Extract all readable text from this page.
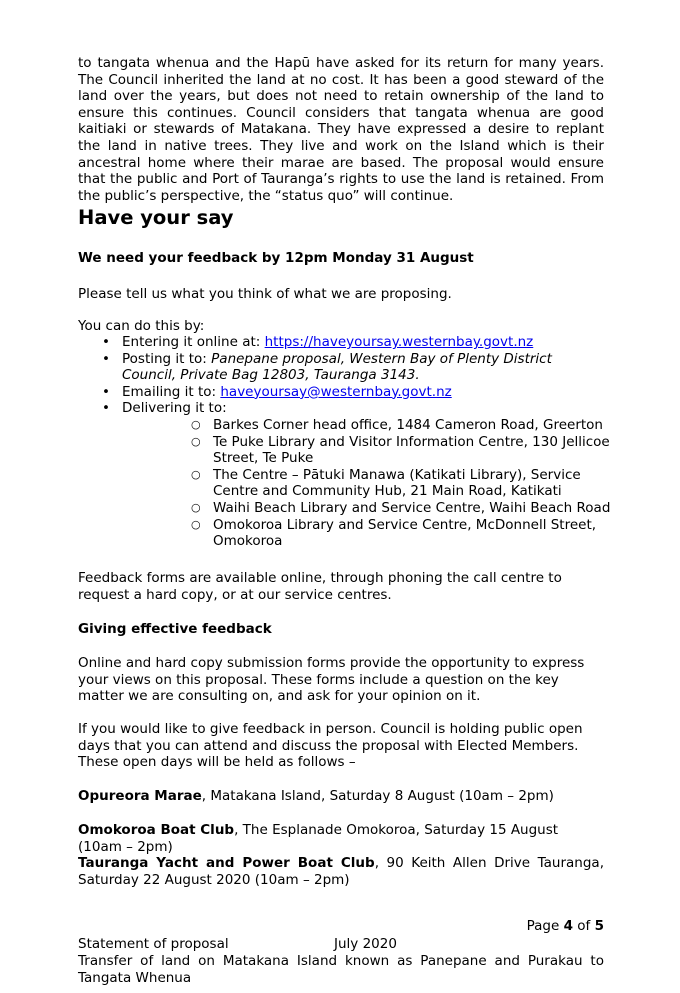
to tangata whenua and the Hapū have asked for its return for many years. The Council inherited the land at no cost. It has been a good steward of the land over the years, but does not need to retain ownership of the land to ensure this continues. Council considers that tangata whenua are good kaitiaki or stewards of Matakana. They have expressed a desire to replant the land in native trees. They live and work on the Island which is their ancestral home where their marae are based. The proposal would ensure that the public and Port of Tauranga’s rights to use the land is retained. From the public’s perspective, the “status quo” will continue.

Have your say

We need your feedback by 12pm Monday 31 August

Please tell us what you think of what we are proposing.

You can do this by:

• Entering it online at: https://haveyoursay.westernbay.govt.nz
• Posting it to: Panepane proposal, Western Bay of Plenty District Council, Private Bag 12803, Tauranga 3143.
• Emailing it to: haveyoursay@westernbay.govt.nz
• Delivering it to:
○ Barkes Corner head office, 1484 Cameron Road, Greerton
○ Te Puke Library and Visitor Information Centre, 130 Jellicoe Street, Te Puke
○ The Centre – Pātuki Manawa (Katikati Library), Service Centre and Community Hub, 21 Main Road, Katikati
○ Waihi Beach Library and Service Centre, Waihi Beach Road
○ Omokoroa Library and Service Centre, McDonnell Street, Omokoroa

Feedback forms are available online, through phoning the call centre to request a hard copy, or at our service centres.

Giving effective feedback

Online and hard copy submission forms provide the opportunity to express your views on this proposal. These forms include a question on the key matter we are consulting on, and ask for your opinion on it.

If you would like to give feedback in person. Council is holding public open days that you can attend and discuss the proposal with Elected Members. These open days will be held as follows –

Opureora Marae, Matakana Island, Saturday 8 August (10am – 2pm)

Omokoroa Boat Club, The Esplanade Omokoroa, Saturday 15 August (10am – 2pm)

Tauranga Yacht and Power Boat Club, 90 Keith Allen Drive Tauranga, Saturday 22 August 2020 (10am – 2pm)

Page 4 of 5

Statement of proposal	July 2020

Transfer of land on Matakana Island known as Panepane and Purakau to Tangata Whenua
